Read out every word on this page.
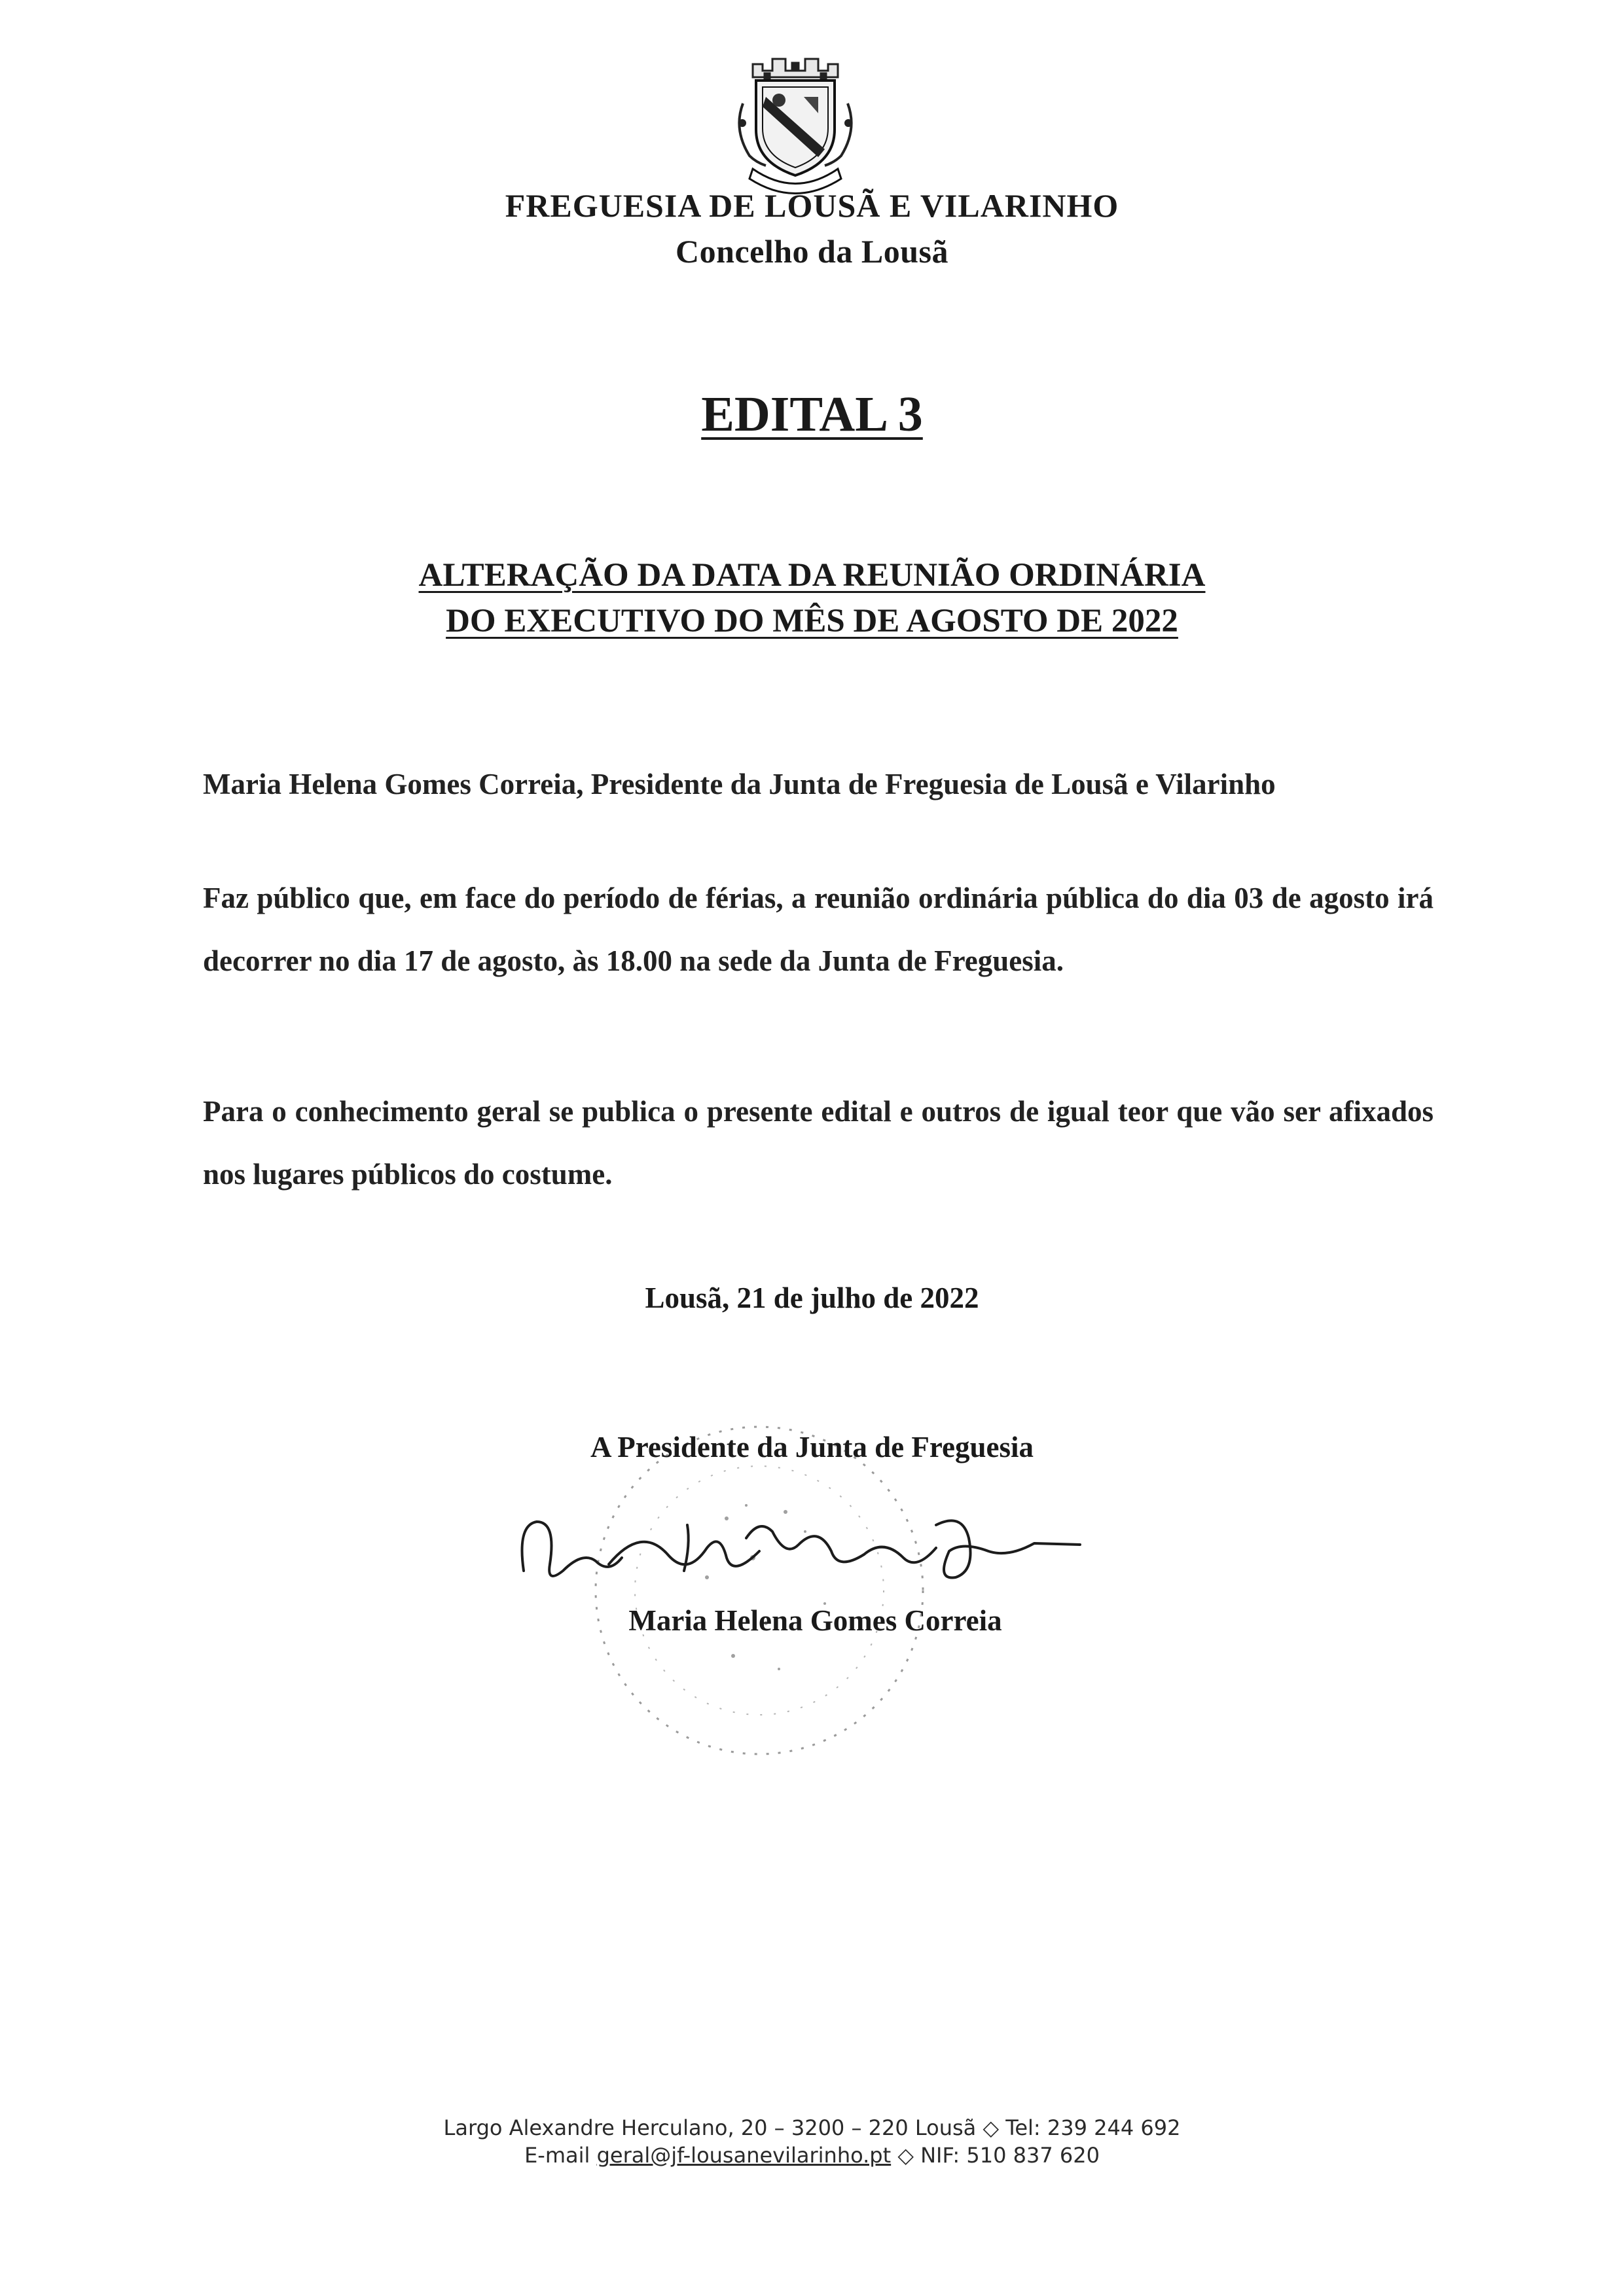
FREGUESIA DE LOUSÃ E VILARINHO
Concelho da Lousã
EDITAL 3
ALTERAÇÃO DA DATA DA REUNIÃO ORDINÁRIA
DO EXECUTIVO DO MÊS DE AGOSTO DE 2022
Maria Helena Gomes Correia, Presidente da Junta de Freguesia de Lousã e Vilarinho
Faz público que, em face do período de férias, a reunião ordinária pública do dia 03 de agosto irá decorrer no dia 17 de agosto, às 18.00 na sede da Junta de Freguesia.
Para o conhecimento geral se publica o presente edital e outros de igual teor que vão ser afixados nos lugares públicos do costume.
Lousã, 21 de julho de 2022
A Presidente da Junta de Freguesia
Maria Helena Gomes Correia
Largo Alexandre Herculano, 20 – 3200 – 220 Lousã ◇ Tel: 239 244 692
E-mail geral@jf-lousanevilarinho.pt ◇ NIF: 510 837 620
